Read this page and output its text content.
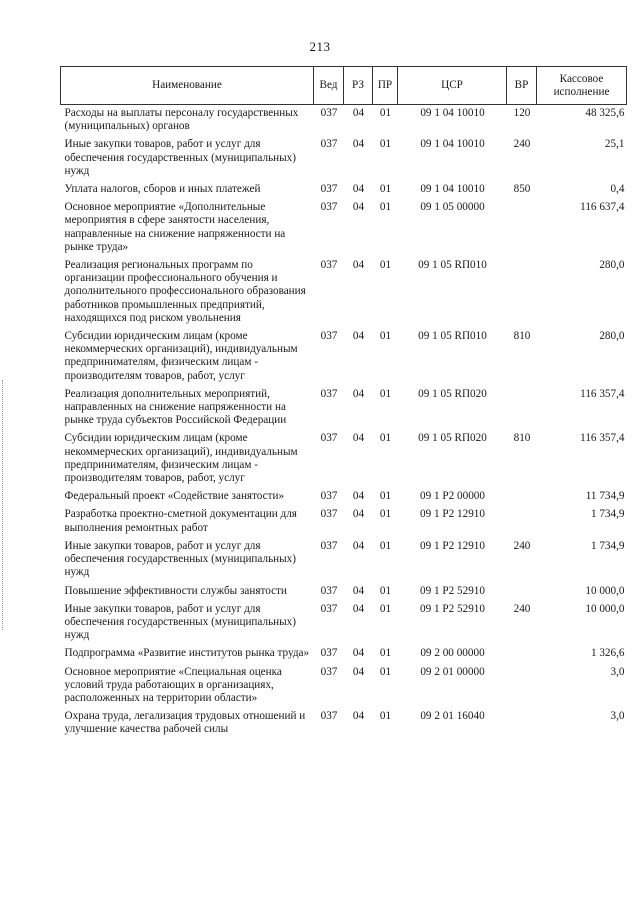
213
Наименование	Вед	РЗ	ПР	ЦСР	ВР	Кассовое исполнение
Расходы на выплаты персоналу государственных (муниципальных) органов	037	04	01	09 1 04 10010	120	48 325,6
Иные закупки товаров, работ и услуг для обеспечения государственных (муниципальных) нужд	037	04	01	09 1 04 10010	240	25,1
Уплата налогов, сборов и иных платежей	037	04	01	09 1 04 10010	850	0,4
Основное мероприятие «Дополнительные мероприятия в сфере занятости населения, направленные на снижение напряженности на рынке труда»	037	04	01	09 1 05 00000		116 637,4
Реализация региональных программ по организации профессионального обучения и дополнительного профессионального образования работников промышленных предприятий, находящихся под риском увольнения	037	04	01	09 1 05 RП010		280,0
Субсидии юридическим лицам (кроме некоммерческих организаций), индивидуальным предпринимателям, физическим лицам - производителям товаров, работ, услуг	037	04	01	09 1 05 RП010	810	280,0
Реализация дополнительных мероприятий, направленных на снижение напряженности на рынке труда субъектов Российской Федерации	037	04	01	09 1 05 RП020		116 357,4
Субсидии юридическим лицам (кроме некоммерческих организаций), индивидуальным предпринимателям, физическим лицам - производителям товаров, работ, услуг	037	04	01	09 1 05 RП020	810	116 357,4
Федеральный проект «Содействие занятости»	037	04	01	09 1 P2 00000		11 734,9
Разработка проектно-сметной документации для выполнения ремонтных работ	037	04	01	09 1 P2 12910		1 734,9
Иные закупки товаров, работ и услуг для обеспечения государственных (муниципальных) нужд	037	04	01	09 1 P2 12910	240	1 734,9
Повышение эффективности службы занятости	037	04	01	09 1 P2 52910		10 000,0
Иные закупки товаров, работ и услуг для обеспечения государственных (муниципальных) нужд	037	04	01	09 1 P2 52910	240	10 000,0
Подпрограмма «Развитие институтов рынка труда»	037	04	01	09 2 00 00000		1 326,6
Основное мероприятие «Специальная оценка условий труда работающих в организациях, расположенных на территории области»	037	04	01	09 2 01 00000		3,0
Охрана труда, легализация трудовых отношений и улучшение качества рабочей силы	037	04	01	09 2 01 16040		3,0
